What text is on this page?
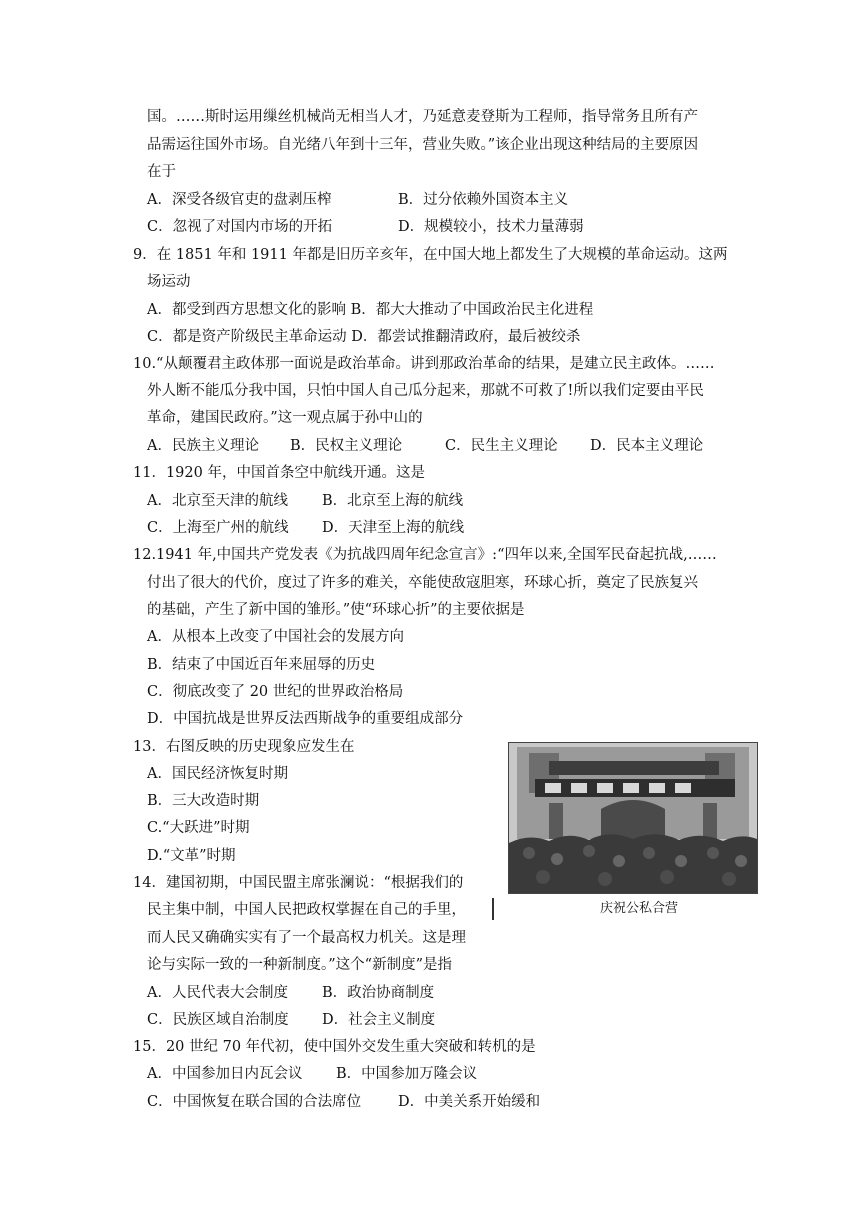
国。……斯时运用缫丝机械尚无相当人才，乃延意麦登斯为工程师，指导常务且所有产
品需运往国外市场。自光绪八年到十三年，营业失败。”该企业出现这种结局的主要原因
在于
A．深受各级官吏的盘剥压榨	B．过分依赖外国资本主义
C．忽视了对国内市场的开拓	D．规模较小，技术力量薄弱
9．在 1851 年和 1911 年都是旧历辛亥年，在中国大地上都发生了大规模的革命运动。这两
场运动
A．都受到西方思想文化的影响 B．都大大推动了中国政治民主化进程
C．都是资产阶级民主革命运动 D．都尝试推翻清政府，最后被绞杀
10.“从颠覆君主政体那一面说是政治革命。讲到那政治革命的结果，是建立民主政体。……
外人断不能瓜分我中国，只怕中国人自己瓜分起来，那就不可救了!所以我们定要由平民
革命，建国民政府。”这一观点属于孙中山的
A．民族主义理论 B．民权主义理论	C．民生主义理论 D．民本主义理论
11．1920 年，中国首条空中航线开通。这是
A．北京至天津的航线 B．北京至上海的航线
C．上海至广州的航线 D．天津至上海的航线
12.1941 年,中国共产党发表《为抗战四周年纪念宣言》:“四年以来,全国军民奋起抗战,……
付出了很大的代价，度过了许多的难关，卒能使敌寇胆寒，环球心折，奠定了民族复兴
的基础，产生了新中国的雏形。”使“环球心折”的主要依据是
A．从根本上改变了中国社会的发展方向
B．结束了中国近百年来屈辱的历史
C．彻底改变了 20 世纪的世界政治格局
D．中国抗战是世界反法西斯战争的重要组成部分
13．右图反映的历史现象应发生在
A．国民经济恢复时期
B．三大改造时期
C.“大跃进”时期
D.“文革”时期
庆祝公私合营
14．建国初期，中国民盟主席张澜说：“根据我们的
民主集中制，中国人民把政权掌握在自己的手里，
而人民又确确实实有了一个最高权力机关。这是理
论与实际一致的一种新制度。”这个“新制度”是指
A．人民代表大会制度 B．政治协商制度
C．民族区域自治制度 D．社会主义制度
15．20 世纪 70 年代初，使中国外交发生重大突破和转机的是
A．中国参加日内瓦会议 B．中国参加万隆会议
C．中国恢复在联合国的合法席位	D．中美关系开始缓和
